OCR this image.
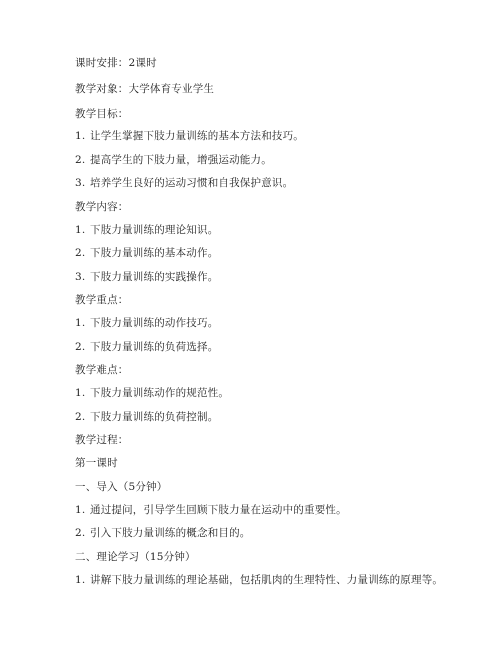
课时安排：2课时
教学对象：大学体育专业学生
教学目标：
1. 让学生掌握下肢力量训练的基本方法和技巧。
2. 提高学生的下肢力量，增强运动能力。
3. 培养学生良好的运动习惯和自我保护意识。
教学内容：
1. 下肢力量训练的理论知识。
2. 下肢力量训练的基本动作。
3. 下肢力量训练的实践操作。
教学重点：
1. 下肢力量训练的动作技巧。
2. 下肢力量训练的负荷选择。
教学难点：
1. 下肢力量训练动作的规范性。
2. 下肢力量训练的负荷控制。
教学过程：
第一课时
一、导入（5分钟）
1. 通过提问，引导学生回顾下肢力量在运动中的重要性。
2. 引入下肢力量训练的概念和目的。
二、理论学习（15分钟）
1. 讲解下肢力量训练的理论基础，包括肌肉的生理特性、力量训练的原理等。
